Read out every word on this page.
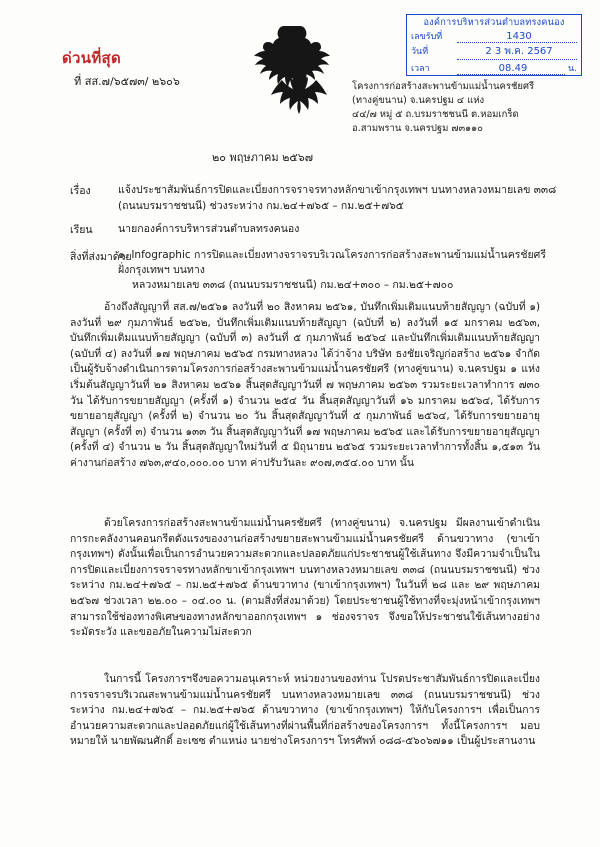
ด่วนที่สุด
ที่ สส.๗/๖๕๗๓/ ๒๖๐๖
องค์การบริหารส่วนตำบลทรงคนอง
เลขรับที่	1430
วันที่	2 3 พ.ค. 2567
เวลา	08.49	น.
โครงการก่อสร้างสะพานข้ามแม่น้ำนครชัยศรี
(ทางคู่ขนาน) จ.นครปฐม ๔ แห่ง
๔๔/๗ หมู่ ๕ ถ.บรมราชชนนี ต.หอมเกร็ด
อ.สามพราน จ.นครปฐม ๗๓๑๑๐
๒๐ พฤษภาคม ๒๕๖๗
เรื่อง	แจ้งประชาสัมพันธ์การปิดและเบี่ยงการจราจรทางหลักขาเข้ากรุงเทพฯ บนทางหลวงหมายเลข ๓๓๘
(ถนนบรมราชชนนี) ช่วงระหว่าง กม.๒๔+๗๖๕ – กม.๒๕+๗๖๕
เรียน นายกองค์การบริหารส่วนตำบลทรงคนอง
สิ่งที่ส่งมาด้วย
๑. Infographic การปิดและเบี่ยงทางจราจรบริเวณโครงการก่อสร้างสะพานข้ามแม่น้ำนครชัยศรี ฝั่งกรุงเทพฯ บนทาง
หลวงหมายเลข ๓๓๘ (ถนนบรมราชชนนี) กม.๒๔+๓๐๐ – กม.๒๕+๗๐๐
อ้างถึงสัญญาที่ สส.๗/๒๕๖๑ ลงวันที่ ๒๐ สิงหาคม ๒๕๖๑, บันทึกเพิ่มเติมแนบท้ายสัญญา (ฉบับที่ ๑) ลงวันที่ ๒๙ กุมภาพันธ์ ๒๕๖๒, บันทึกเพิ่มเติมแนบท้ายสัญญา (ฉบับที่ ๒) ลงวันที่ ๑๕ มกราคม ๒๕๖๓, บันทึกเพิ่มเติมแนบท้ายสัญญา (ฉบับที่ ๓) ลงวันที่ ๕ กุมภาพันธ์ ๒๕๖๔ และบันทึกเพิ่มเติมแนบท้ายสัญญา (ฉบับที่ ๔) ลงวันที่ ๑๗ พฤษภาคม ๒๕๖๕ กรมทางหลวง ได้ว่าจ้าง บริษัท ธงชัยเจริญก่อสร้าง ๒๕๖๑ จำกัด เป็นผู้รับจ้างดำเนินการตามโครงการก่อสร้างสะพานข้ามแม่น้ำนครชัยศรี (ทางคู่ขนาน) จ.นครปฐม ๑ แห่ง เริ่มต้นสัญญาวันที่ ๒๑ สิงหาคม ๒๕๖๑ สิ้นสุดสัญญาวันที่ ๗ พฤษภาคม ๒๕๖๓ รวมระยะเวลาทำการ ๗๓๐ วัน ได้รับการขยายสัญญา (ครั้งที่ ๑) จำนวน ๒๕๔ วัน สิ้นสุดสัญญาวันที่ ๑๖ มกราคม ๒๕๖๔, ได้รับการขยายอายุสัญญา (ครั้งที่ ๒) จำนวน ๒๐ วัน สิ้นสุดสัญญาวันที่ ๕ กุมภาพันธ์ ๒๕๖๔, ได้รับการขยายอายุสัญญา (ครั้งที่ ๓) จำนวน ๑๓๓ วัน สิ้นสุดสัญญาวันที่ ๑๗ พฤษภาคม ๒๕๖๕ และได้รับการขยายอายุสัญญา (ครั้งที่ ๔) จำนวน ๒ วัน สิ้นสุดสัญญาใหม่วันที่ ๕ มิถุนายน ๒๕๖๕ รวมระยะเวลาทำการทั้งสิ้น ๑,๕๑๓ วัน ค่างานก่อสร้าง ๗๖๓,๙๔๐,๐๐๐.๐๐ บาท ค่าปรับวันละ ๙๐๗,๓๕๔.๐๐ บาท นั้น
ด้วยโครงการก่อสร้างสะพานข้ามแม่น้ำนครชัยศรี (ทางคู่ขนาน) จ.นครปฐม มีผลงานเข้าดำเนินการกะคลังงานคอนกรีตดังแรงของงานก่อสร้างขยายสะพานข้ามแม่น้ำนครชัยศรี ด้านขวาทาง (ขาเข้ากรุงเทพฯ) ดังนั้นเพื่อเป็นการอำนวยความสะดวกและปลอดภัยแก่ประชาชนผู้ใช้เส้นทาง จึงมีความจำเป็นในการปิดและเบี่ยงการจราจรทางหลักขาเข้ากรุงเทพฯ บนทางหลวงหมายเลข ๓๓๘ (ถนนบรมราชชนนี) ช่วงระหว่าง กม.๒๔+๗๖๕ – กม.๒๕+๗๖๕ ด้านขวาทาง (ขาเข้ากรุงเทพฯ) ในวันที่ ๒๘ และ ๒๙ พฤษภาคม ๒๕๖๗ ช่วงเวลา ๒๒.๐๐ – ๐๔.๐๐ น. (ตามสิ่งที่ส่งมาด้วย) โดยประชาชนผู้ใช้ทางที่จะมุ่งหน้าเข้ากรุงเทพฯ สามารถใช้ช่องทางพิเศษของทางหลักขาออกกรุงเทพฯ ๑ ช่องจราจร จึงขอให้ประชาชนใช้เส้นทางอย่างระมัดระวัง และขออภัยในความไม่สะดวก
ในการนี้ โครงการฯจึงขอความอนุเคราะห์ หน่วยงานของท่าน โปรดประชาสัมพันธ์การปิดและเบี่ยงการจราจรบริเวณสะพานข้ามแม่น้ำนครชัยศรี บนทางหลวงหมายเลข ๓๓๘ (ถนนบรมราชชนนี) ช่วงระหว่าง กม.๒๔+๗๖๕ – กม.๒๕+๗๖๕ ด้านขวาทาง (ขาเข้ากรุงเทพฯ) ให้กับโครงการฯ เพื่อเป็นการอำนวยความสะดวกและปลอดภัยแก่ผู้ใช้เส้นทางที่ผ่านพื้นที่ก่อสร้างของโครงการฯ ทั้งนี้โครงการฯ มอบหมายให้ นายพัฒนศักดิ์ อะเซซ ตำแหน่ง นายช่างโครงการฯ โทรศัพท์ ๐๘๘-๕๖๐๖๗๑๑ เป็นผู้ประสานงาน
